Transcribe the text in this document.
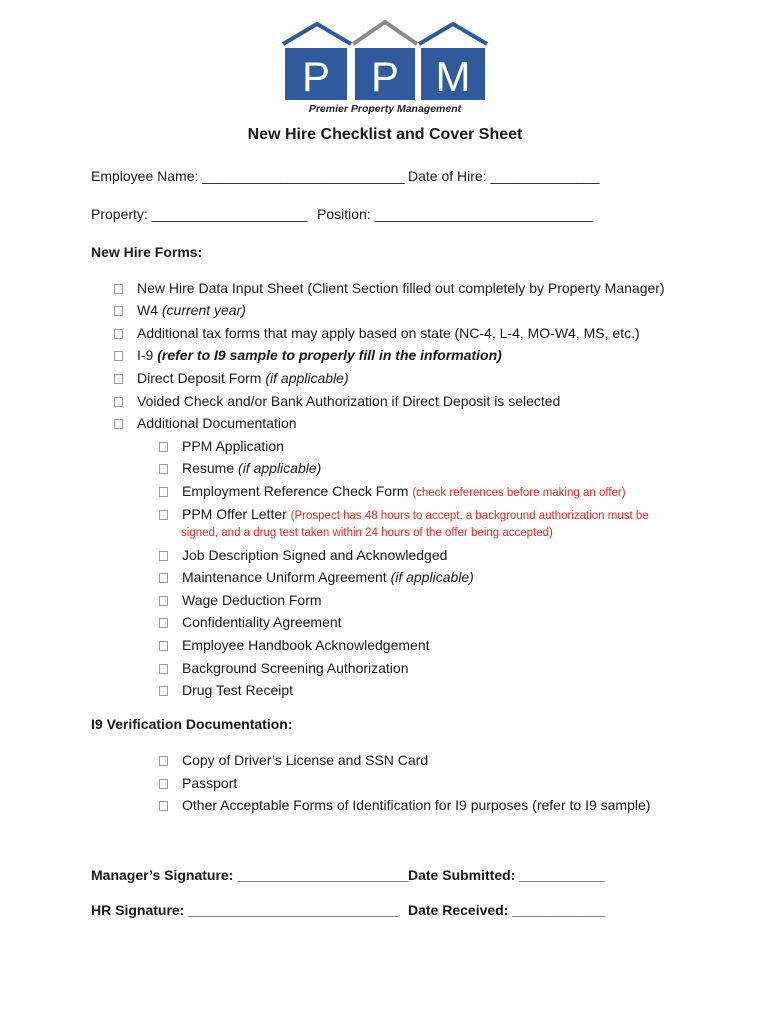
P P M
Premier Property Management
New Hire Checklist and Cover Sheet
Employee Name: __________________________ Date of Hire: ______________
Property: ____________________ Position: ____________________________
New Hire Forms:
New Hire Data Input Sheet (Client Section filled out completely by Property Manager)
W4 (current year)
Additional tax forms that may apply based on state (NC-4, L-4, MO-W4, MS, etc.)
I-9 (refer to I9 sample to properly fill in the information)
Direct Deposit Form (if applicable)
Voided Check and/or Bank Authorization if Direct Deposit is selected
Additional Documentation
PPM Application
Resume (if applicable)
Employment Reference Check Form (check references before making an offer)
PPM Offer Letter (Prospect has 48 hours to accept, a background authorization must be
signed, and a drug test taken within 24 hours of the offer being accepted)
Job Description Signed and Acknowledged
Maintenance Uniform Agreement (if applicable)
Wage Deduction Form
Confidentiality Agreement
Employee Handbook Acknowledgement
Background Screening Authorization
Drug Test Receipt
I9 Verification Documentation:
Copy of Driver’s License and SSN Card
Passport
Other Acceptable Forms of Identification for I9 purposes (refer to I9 sample)
Manager’s Signature: ______________________ Date Submitted: ___________
HR Signature: ___________________________ Date Received: ____________
